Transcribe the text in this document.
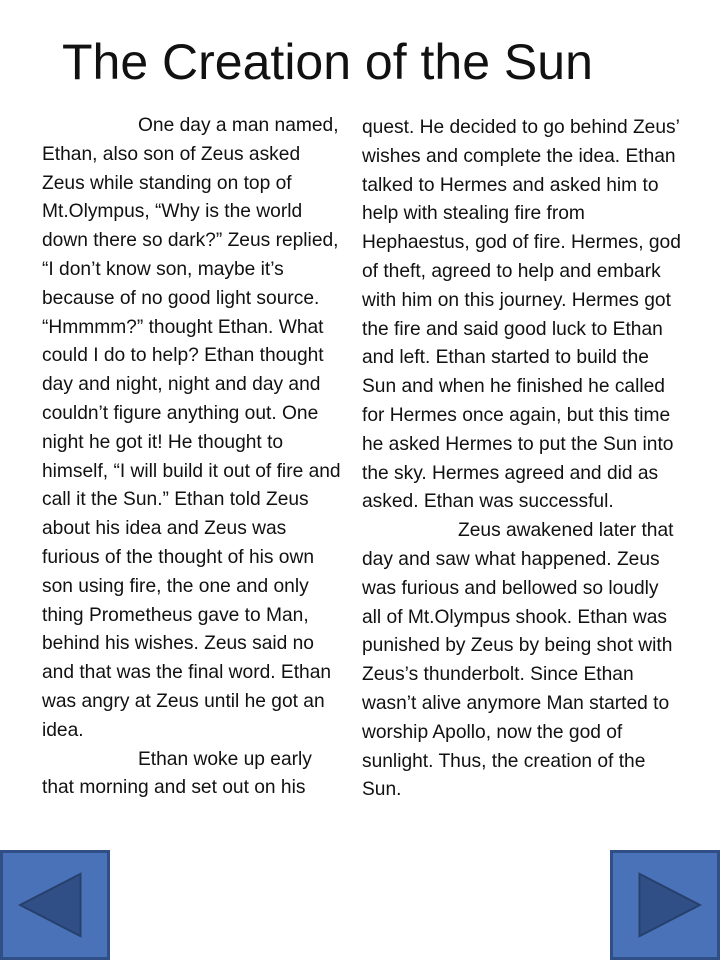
The Creation of the Sun

One day a man named, Ethan, also son of Zeus asked Zeus while standing on top of Mt.Olympus, “Why is the world down there so dark?” Zeus replied, “I don’t know son, maybe it’s because of no good light source. “Hmmmm?” thought Ethan. What could I do to help? Ethan thought day and night, night and day and couldn’t figure anything out. One night he got it! He thought to himself, “I will build it out of fire and call it the Sun.” Ethan told Zeus about his idea and Zeus was furious of the thought of his own son using fire, the one and only thing Prometheus gave to Man, behind his wishes. Zeus said no and that was the final word. Ethan was angry at Zeus until he got an idea.

Ethan woke up early that morning and set out on his

quest. He decided to go behind Zeus’ wishes and complete the idea. Ethan talked to Hermes and asked him to help with stealing fire from Hephaestus, god of fire. Hermes, god of theft, agreed to help and embark with him on this journey. Hermes got the fire and said good luck to Ethan and left. Ethan started to build the Sun and when he finished he called for Hermes once again, but this time he asked Hermes to put the Sun into the sky. Hermes agreed and did as asked. Ethan was successful.

Zeus awakened later that day and saw what happened. Zeus was furious and bellowed so loudly all of Mt.Olympus shook. Ethan was punished by Zeus by being shot with Zeus’s thunderbolt. Since Ethan wasn’t alive anymore Man started to worship Apollo, now the god of sunlight. Thus, the creation of the Sun.
